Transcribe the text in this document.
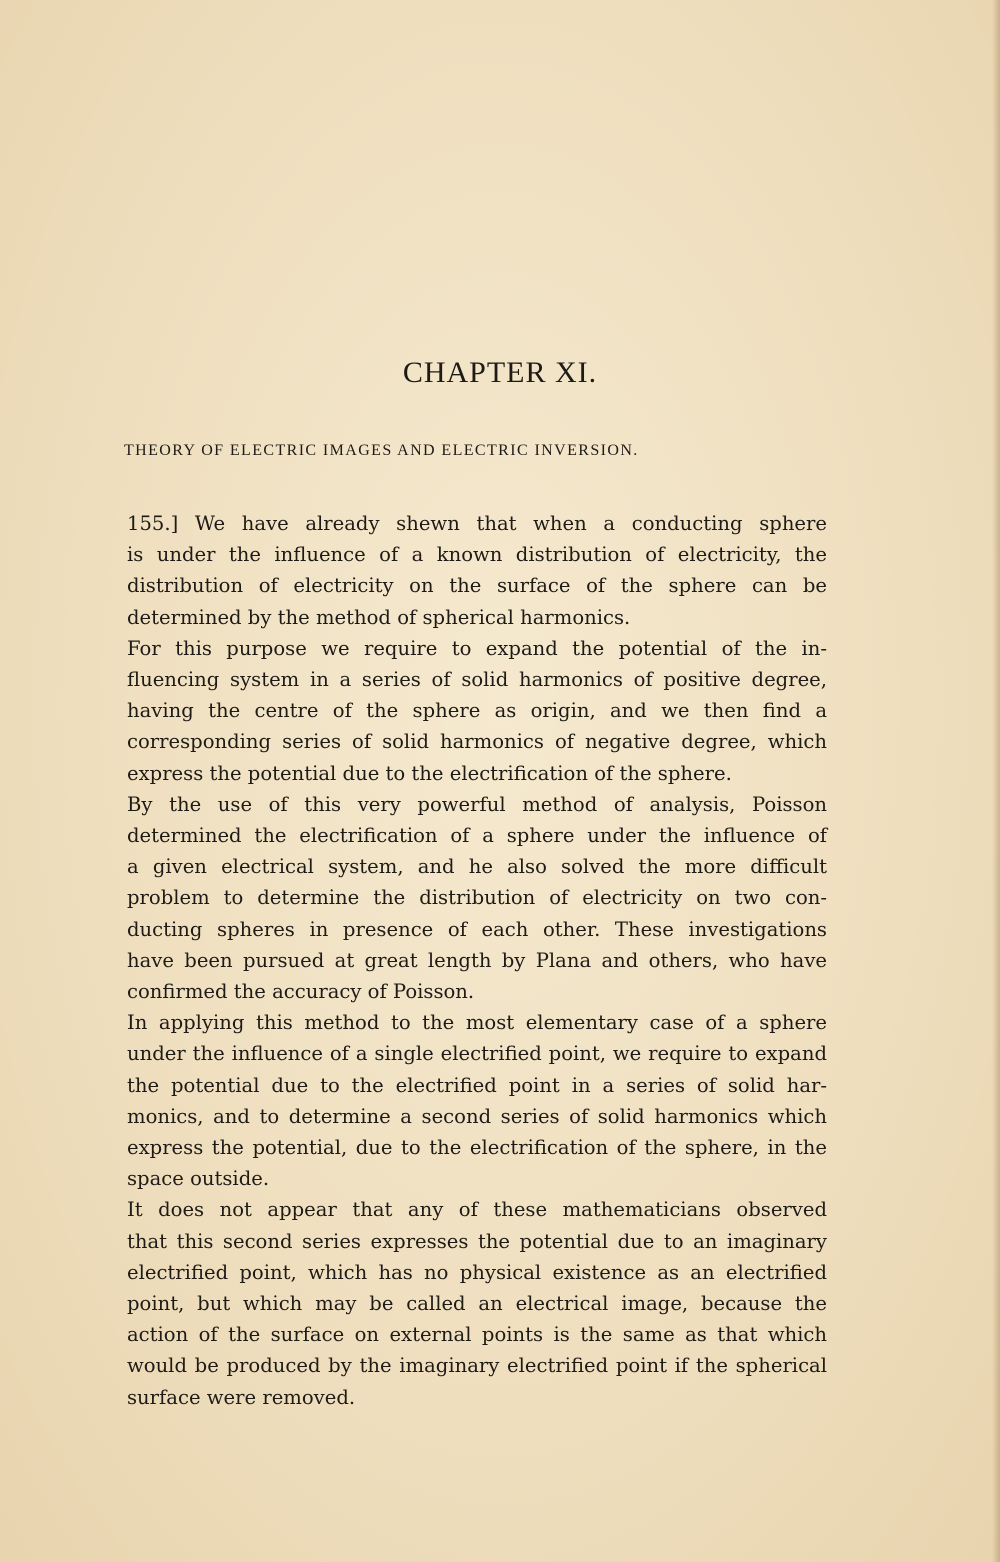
CHAPTER XI.
THEORY OF ELECTRIC IMAGES AND ELECTRIC INVERSION.
155.] We have already shewn that when a conducting sphere
is under the influence of a known distribution of electricity, the
distribution of electricity on the surface of the sphere can be
determined by the method of spherical harmonics.
For this purpose we require to expand the potential of the in-
fluencing system in a series of solid harmonics of positive degree,
having the centre of the sphere as origin, and we then find a
corresponding series of solid harmonics of negative degree, which
express the potential due to the electrification of the sphere.
By the use of this very powerful method of analysis, Poisson
determined the electrification of a sphere under the influence of
a given electrical system, and he also solved the more difficult
problem to determine the distribution of electricity on two con-
ducting spheres in presence of each other. These investigations
have been pursued at great length by Plana and others, who have
confirmed the accuracy of Poisson.
In applying this method to the most elementary case of a sphere
under the influence of a single electrified point, we require to expand
the potential due to the electrified point in a series of solid har-
monics, and to determine a second series of solid harmonics which
express the potential, due to the electrification of the sphere, in the
space outside.
It does not appear that any of these mathematicians observed
that this second series expresses the potential due to an imaginary
electrified point, which has no physical existence as an electrified
point, but which may be called an electrical image, because the
action of the surface on external points is the same as that which
would be produced by the imaginary electrified point if the spherical
surface were removed.
